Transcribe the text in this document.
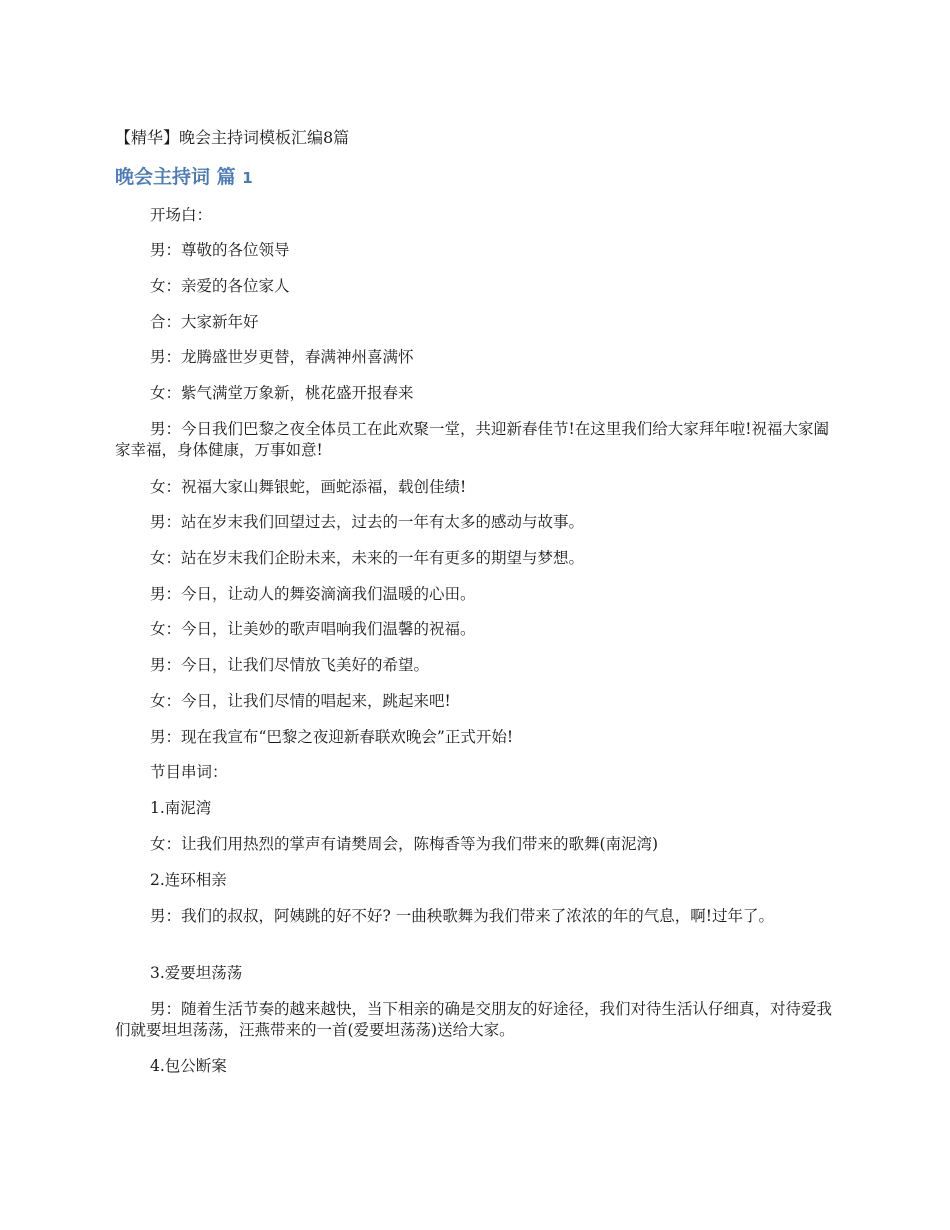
【精华】晚会主持词模板汇编8篇
晚会主持词 篇 1

开场白：

男：尊敬的各位领导

女：亲爱的各位家人

合：大家新年好

男：龙腾盛世岁更替，春满神州喜满怀

女：紫气满堂万象新，桃花盛开报春来

男：今日我们巴黎之夜全体员工在此欢聚一堂，共迎新春佳节!在这里我们给大家拜年啦!祝福大家阖家幸福，身体健康，万事如意!

女：祝福大家山舞银蛇，画蛇添福，载创佳绩!

男：站在岁末我们回望过去，过去的一年有太多的感动与故事。

女：站在岁末我们企盼未来，未来的一年有更多的期望与梦想。

男：今日，让动人的舞姿滴滴我们温暖的心田。

女：今日，让美妙的歌声唱响我们温馨的祝福。

男：今日，让我们尽情放飞美好的希望。

女：今日，让我们尽情的唱起来，跳起来吧!

男：现在我宣布“巴黎之夜迎新春联欢晚会”正式开始!

节目串词：

1.南泥湾

女：让我们用热烈的掌声有请樊周会，陈梅香等为我们带来的歌舞(南泥湾)

2.连环相亲

男：我们的叔叔，阿姨跳的好不好? 一曲秧歌舞为我们带来了浓浓的年的气息，啊!过年了。

3.爱要坦荡荡

男：随着生活节奏的越来越快，当下相亲的确是交朋友的好途径，我们对待生活认仔细真，对待爱我们就要坦坦荡荡，汪燕带来的一首(爱要坦荡荡)送给大家。

4.包公断案
